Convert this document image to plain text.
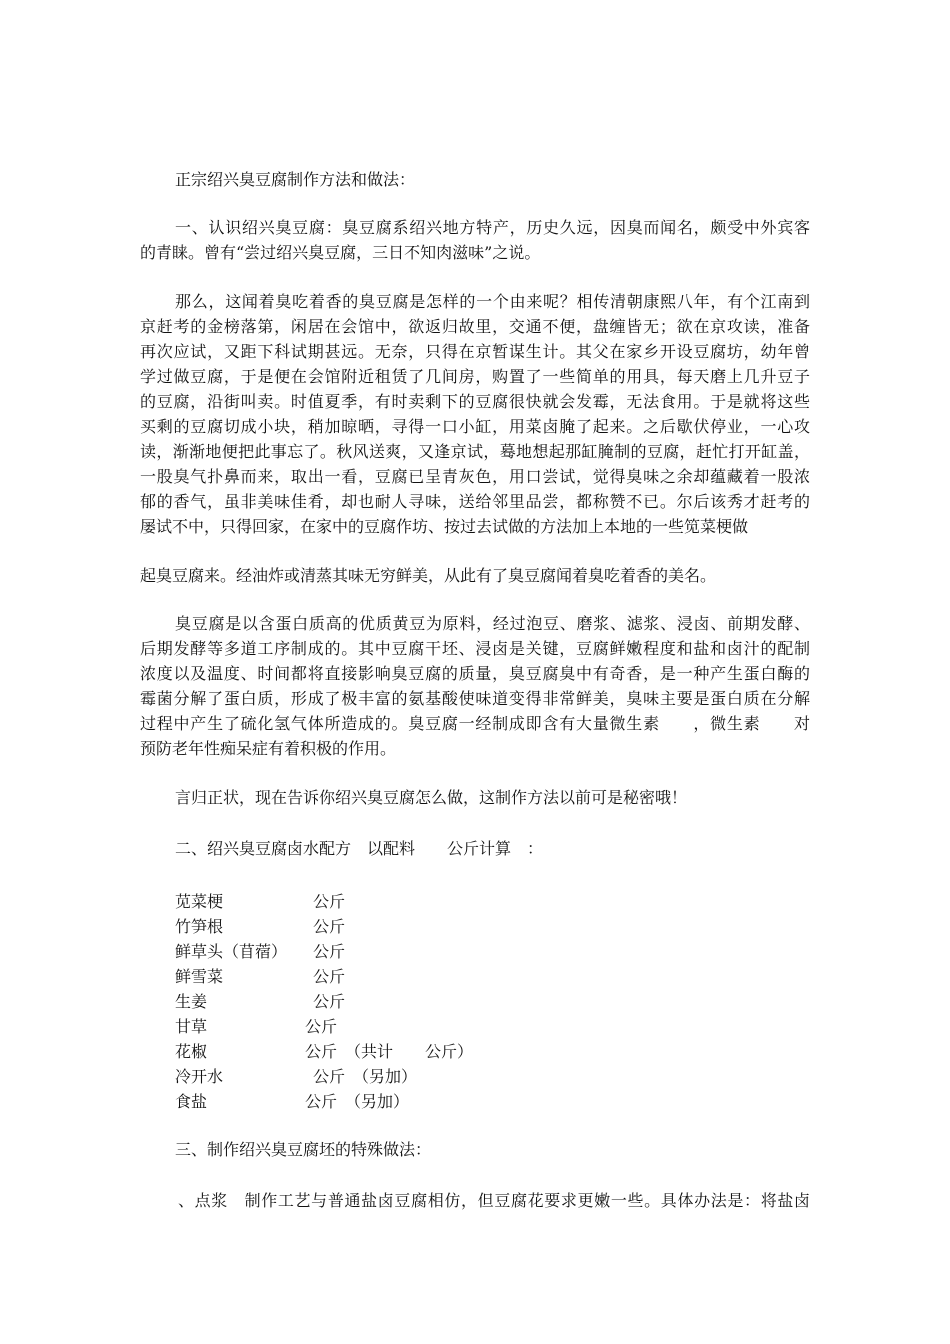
正宗绍兴臭豆腐制作方法和做法：
一、认识绍兴臭豆腐：臭豆腐系绍兴地方特产，历史久远，因臭而闻名，颇受中外宾客
的青睐。曾有“尝过绍兴臭豆腐，三日不知肉滋味”之说。
那么，这闻着臭吃着香的臭豆腐是怎样的一个由来呢？相传清朝康熙八年，有个江南到
京赶考的金榜落第，闲居在会馆中，欲返归故里，交通不便，盘缠皆无；欲在京攻读，准备
再次应试，又距下科试期甚远。无奈，只得在京暂谋生计。其父在家乡开设豆腐坊，幼年曾
学过做豆腐，于是便在会馆附近租赁了几间房，购置了一些简单的用具，每天磨上几升豆子
的豆腐，沿街叫卖。时值夏季，有时卖剩下的豆腐很快就会发霉，无法食用。于是就将这些
买剩的豆腐切成小块，稍加晾晒，寻得一口小缸，用菜卤腌了起来。之后歇伏停业，一心攻
读，渐渐地便把此事忘了。秋风送爽，又逢京试，蓦地想起那缸腌制的豆腐，赶忙打开缸盖，
一股臭气扑鼻而来，取出一看，豆腐已呈青灰色，用口尝试，觉得臭味之余却蕴藏着一股浓
郁的香气，虽非美味佳肴，却也耐人寻味，送给邻里品尝，都称赞不已。尔后该秀才赶考的
屡试不中，只得回家，在家中的豆腐作坊、按过去试做的方法加上本地的一些笕菜梗做
起臭豆腐来。经油炸或清蒸其味无穷鲜美，从此有了臭豆腐闻着臭吃着香的美名。
臭豆腐是以含蛋白质高的优质黄豆为原料，经过泡豆、磨浆、滤浆、浸卤、前期发酵、
后期发酵等多道工序制成的。其中豆腐干坯、浸卤是关键，豆腐鲜嫩程度和盐和卤汁的配制
浓度以及温度、时间都将直接影响臭豆腐的质量，臭豆腐臭中有奇香，是一种产生蛋白酶的
霉菌分解了蛋白质，形成了极丰富的氨基酸使味道变得非常鲜美，臭味主要是蛋白质在分解
过程中产生了硫化氢气体所造成的。臭豆腐一经制成即含有大量微生素　　，微生素　　对
预防老年性痴呆症有着积极的作用。
言归正状，现在告诉你绍兴臭豆腐怎么做，这制作方法以前可是秘密哦！
二、绍兴臭豆腐卤水配方　以配料　　公斤计算　：
苋菜梗	公斤
竹笋根	公斤
鲜草头（苜蓿） 公斤
鲜雪菜	公斤
生姜	公斤
甘草	公斤
花椒	公斤　（共计　　公斤）
冷开水	公斤　（另加）
食盐	公斤　（另加）
三、制作绍兴臭豆腐坯的特殊做法：
、点浆　制作工艺与普通盐卤豆腐相仿，但豆腐花要求更嫩一些。具体办法是：将盐卤
